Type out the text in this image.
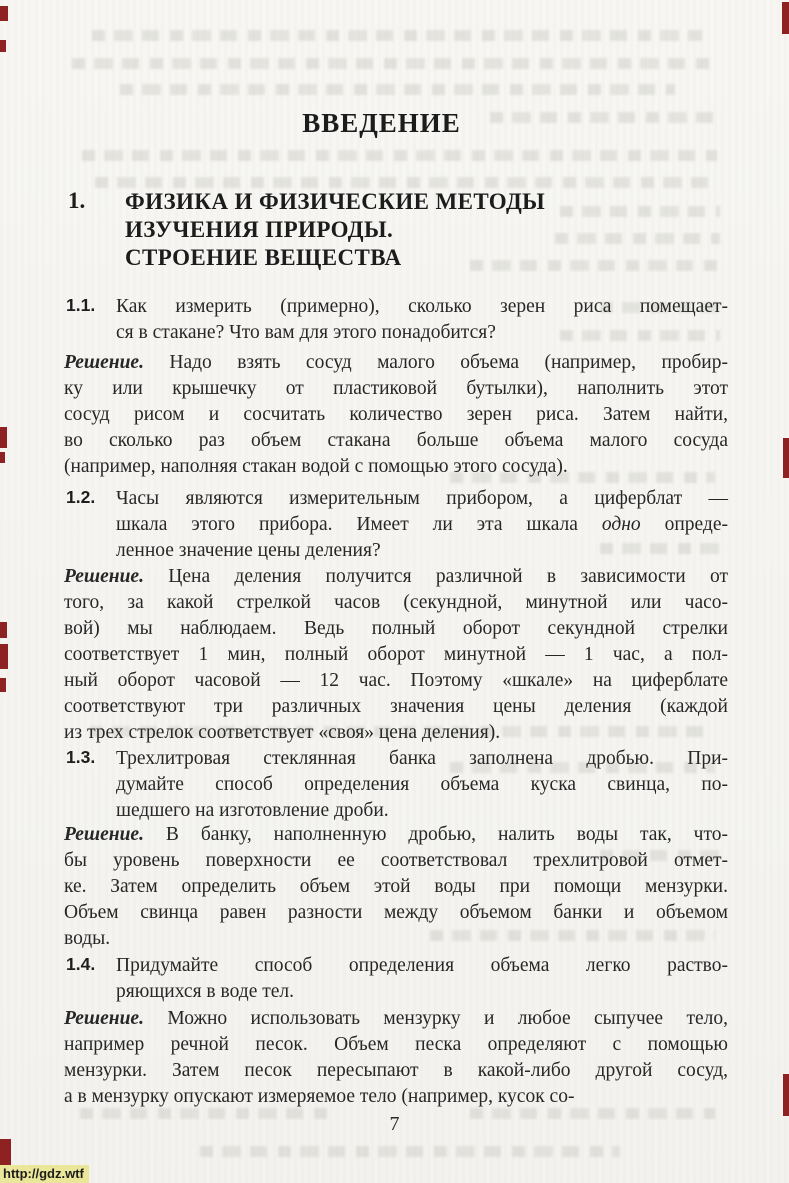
ВВЕДЕНИЕ
1. ФИЗИКА И ФИЗИЧЕСКИЕ МЕТОДЫ
ИЗУЧЕНИЯ ПРИРОДЫ.
СТРОЕНИЕ ВЕЩЕСТВА
1.1. Как измерить (примерно), сколько зерен риса помещает-
ся в стакане? Что вам для этого понадобится?
Решение. Надо взять сосуд малого объема (например, пробир-
ку или крышечку от пластиковой бутылки), наполнить этот
сосуд рисом и сосчитать количество зерен риса. Затем найти,
во сколько раз объем стакана больше объема малого сосуда
(например, наполняя стакан водой с помощью этого сосуда).
1.2. Часы являются измерительным прибором, а циферблат —
шкала этого прибора. Имеет ли эта шкала одно опреде-
ленное значение цены деления?
Решение. Цена деления получится различной в зависимости от
того, за какой стрелкой часов (секундной, минутной или часо-
вой) мы наблюдаем. Ведь полный оборот секундной стрелки
соответствует 1 мин, полный оборот минутной — 1 час, а пол-
ный оборот часовой — 12 час. Поэтому «шкале» на циферблате
соответствуют три различных значения цены деления (каждой
из трех стрелок соответствует «своя» цена деления).
1.3. Трехлитровая стеклянная банка заполнена дробью. При-
думайте способ определения объема куска свинца, по-
шедшего на изготовление дроби.
Решение. В банку, наполненную дробью, налить воды так, что-
бы уровень поверхности ее соответствовал трехлитровой отмет-
ке. Затем определить объем этой воды при помощи мензурки.
Объем свинца равен разности между объемом банки и объемом
воды.
1.4. Придумайте способ определения объема легко раство-
ряющихся в воде тел.
Решение. Можно использовать мензурку и любое сыпучее тело,
например речной песок. Объем песка определяют с помощью
мензурки. Затем песок пересыпают в какой-либо другой сосуд,
а в мензурку опускают измеряемое тело (например, кусок со-
7
http://gdz.wtf
